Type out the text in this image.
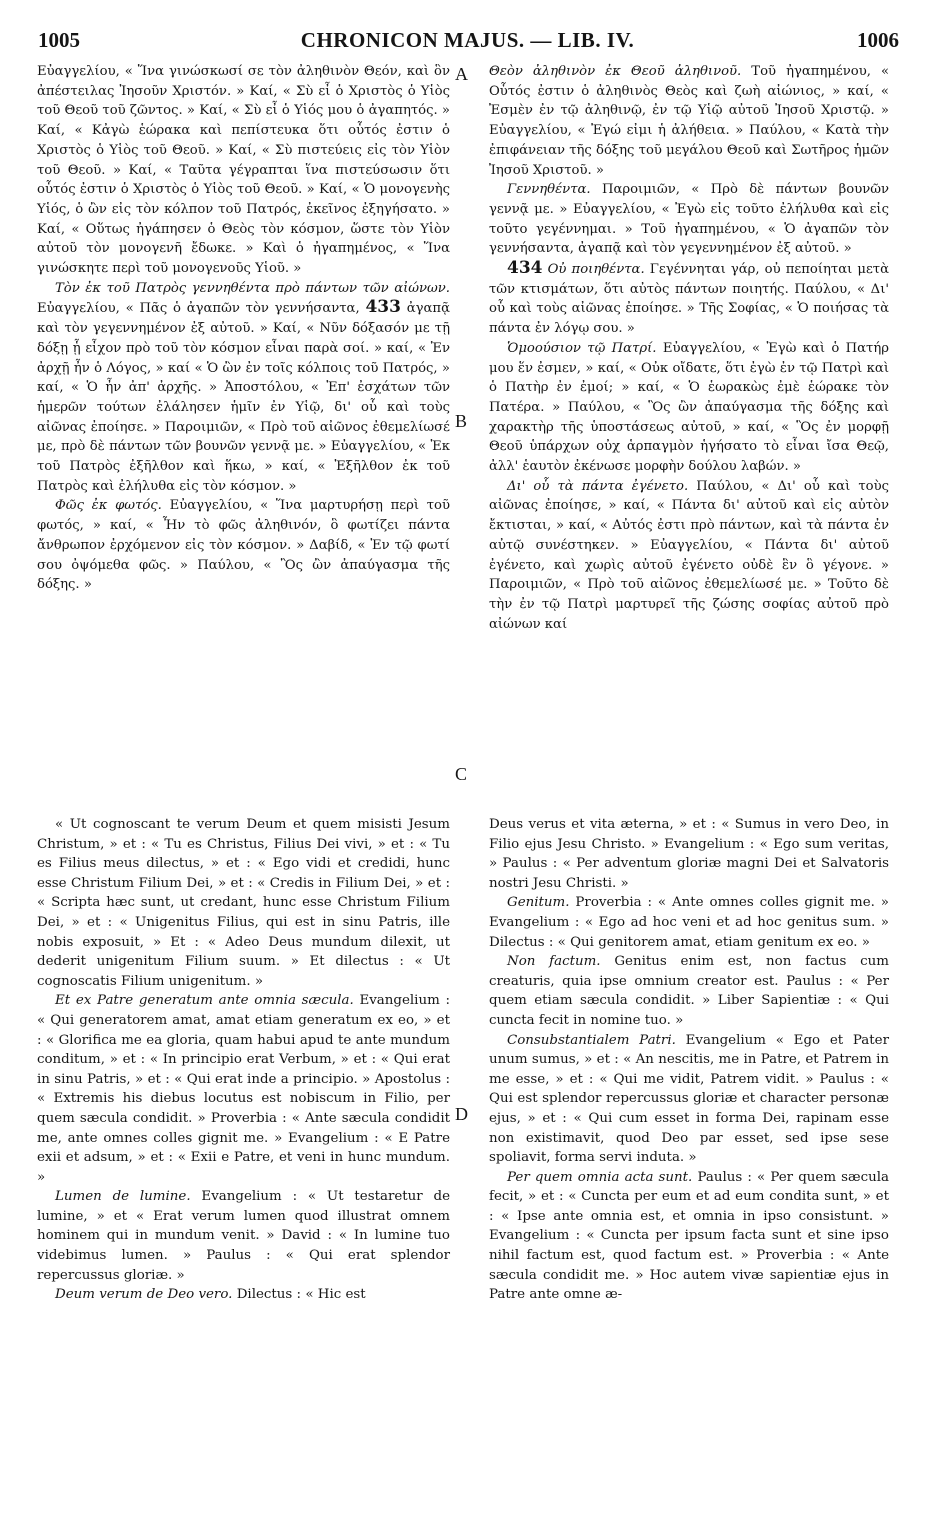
1005	CHRONICON MAJUS. — LIB. IV.	1006
A
B
C
D

Εὐαγγελίου, « Ἵνα γινώσκωσί σε τὸν ἀληθινὸν Θεόν, καὶ ὃν ἀπέστειλας Ἰησοῦν Χριστόν. » Καί, « Σὺ εἶ ὁ Χριστὸς ὁ Υἱὸς τοῦ Θεοῦ τοῦ ζῶντος. » Καί, « Σὺ εἶ ὁ Υἱός μου ὁ ἀγαπητός. » Καί, « Κἀγὼ ἑώρακα καὶ πεπίστευκα ὅτι οὗτός ἐστιν ὁ Χριστὸς ὁ Υἱὸς τοῦ Θεοῦ. » Καί, « Σὺ πιστεύεις εἰς τὸν Υἱὸν τοῦ Θεοῦ. » Καί, « Ταῦτα γέγραπται ἵνα πιστεύσωσιν ὅτι οὗτός ἐστιν ὁ Χριστὸς ὁ Υἱὸς τοῦ Θεοῦ. » Καί, « Ὁ μονογενὴς Υἱός, ὁ ὢν εἰς τὸν κόλπον τοῦ Πατρός, ἐκεῖνος ἐξηγήσατο. » Καί, « Οὕτως ἠγάπησεν ὁ Θεὸς τὸν κόσμον, ὥστε τὸν Υἱὸν αὐτοῦ τὸν μονογενῆ ἔδωκε. » Καὶ ὁ ἠγαπημένος, « Ἵνα γινώσκητε περὶ τοῦ μονογενοῦς Υἱοῦ. »

Τὸν ἐκ τοῦ Πατρὸς γεννηθέντα πρὸ πάντων τῶν αἰώνων. Εὐαγγελίου, « Πᾶς ὁ ἀγαπῶν τὸν γεννήσαντα, 433 ἀγαπᾷ καὶ τὸν γεγεννημένον ἐξ αὐτοῦ. » Καί, « Νῦν δόξασόν με τῇ δόξῃ ᾗ εἶχον πρὸ τοῦ τὸν κόσμον εἶναι παρὰ σοί. » καί, « Ἐν ἀρχῇ ἦν ὁ Λόγος, » καί « Ὁ ὢν ἐν τοῖς κόλποις τοῦ Πατρός, » καί, « Ὁ ἦν ἀπ' ἀρχῆς. » Ἀποστόλου, « Ἐπ' ἐσχάτων τῶν ἡμερῶν τούτων ἐλάλησεν ἡμῖν ἐν Υἱῷ, δι' οὗ καὶ τοὺς αἰῶνας ἐποίησε. » Παροιμιῶν, « Πρὸ τοῦ αἰῶνος ἐθεμελίωσέ με, πρὸ δὲ πάντων τῶν βουνῶν γεννᾷ με. » Εὐαγγελίου, « Ἐκ τοῦ Πατρὸς ἐξῆλθον καὶ ἥκω, » καί, « Ἐξῆλθον ἐκ τοῦ Πατρὸς καὶ ἐλήλυθα εἰς τὸν κόσμον. »

Φῶς ἐκ φωτός. Εὐαγγελίου, « Ἵνα μαρτυρήσῃ περὶ τοῦ φωτός, » καί, « Ἦν τὸ φῶς ἀληθινόν, ὃ φωτίζει πάντα ἄνθρωπον ἐρχόμενον εἰς τὸν κόσμον. » Δαβίδ, « Ἐν τῷ φωτί σου ὀψόμεθα φῶς. » Παύλου, « Ὃς ὢν ἀπαύγασμα τῆς δόξης. »

Θεὸν ἀληθινὸν ἐκ Θεοῦ ἀληθινοῦ. Τοῦ ἠγαπημένου, « Οὗτός ἐστιν ὁ ἀληθινὸς Θεὸς καὶ ζωὴ αἰώνιος, » καί, « Ἐσμὲν ἐν τῷ ἀληθινῷ, ἐν τῷ Υἱῷ αὐτοῦ Ἰησοῦ Χριστῷ. » Εὐαγγελίου, « Ἐγώ εἰμι ἡ ἀλήθεια. » Παύλου, « Κατὰ τὴν ἐπιφάνειαν τῆς δόξης τοῦ μεγάλου Θεοῦ καὶ Σωτῆρος ἡμῶν Ἰησοῦ Χριστοῦ. »

Γεννηθέντα. Παροιμιῶν, « Πρὸ δὲ πάντων βουνῶν γεννᾷ με. » Εὐαγγελίου, « Ἐγὼ εἰς τοῦτο ἐλήλυθα καὶ εἰς τοῦτο γεγέννημαι. » Τοῦ ἠγαπημένου, « Ὁ ἀγαπῶν τὸν γεννήσαντα, ἀγαπᾷ καὶ τὸν γεγεννημένον ἐξ αὐτοῦ. »

434 Οὐ ποιηθέντα. Γεγέννηται γάρ, οὐ πεποίηται μετὰ τῶν κτισμάτων, ὅτι αὐτὸς πάντων ποιητής. Παύλου, « Δι' οὗ καὶ τοὺς αἰῶνας ἐποίησε. » Τῆς Σοφίας, « Ὁ ποιήσας τὰ πάντα ἐν λόγῳ σου. »

Ὁμοούσιον τῷ Πατρί. Εὐαγγελίου, « Ἐγὼ καὶ ὁ Πατήρ μου ἕν ἐσμεν, » καί, « Οὐκ οἴδατε, ὅτι ἐγὼ ἐν τῷ Πατρὶ καὶ ὁ Πατὴρ ἐν ἐμοί; » καί, « Ὁ ἑωρακὼς ἐμὲ ἑώρακε τὸν Πατέρα. » Παύλου, « Ὃς ὢν ἀπαύγασμα τῆς δόξης καὶ χαρακτὴρ τῆς ὑποστάσεως αὐτοῦ, » καί, « Ὃς ἐν μορφῇ Θεοῦ ὑπάρχων οὐχ ἁρπαγμὸν ἡγήσατο τὸ εἶναι ἴσα Θεῷ, ἀλλ' ἑαυτὸν ἐκένωσε μορφὴν δούλου λαβών. »

Δι' οὗ τὰ πάντα ἐγένετο. Παύλου, « Δι' οὗ καὶ τοὺς αἰῶνας ἐποίησε, » καί, « Πάντα δι' αὐτοῦ καὶ εἰς αὐτὸν ἔκτισται, » καί, « Αὐτός ἐστι πρὸ πάντων, καὶ τὰ πάντα ἐν αὐτῷ συνέστηκεν. » Εὐαγγελίου, « Πάντα δι' αὐτοῦ ἐγένετο, καὶ χωρὶς αὐτοῦ ἐγένετο οὐδὲ ἓν ὃ γέγονε. » Παροιμιῶν, « Πρὸ τοῦ αἰῶνος ἐθεμελίωσέ με. » Τοῦτο δὲ τὴν ἐν τῷ Πατρὶ μαρτυρεῖ τῆς ζώσης σοφίας αὐτοῦ πρὸ αἰώνων καί

« Ut cognoscant te verum Deum et quem misisti Jesum Christum, » et : « Tu es Christus, Filius Dei vivi, » et : « Tu es Filius meus dilectus, » et : « Ego vidi et credidi, hunc esse Christum Filium Dei, » et : « Credis in Filium Dei, » et : « Scripta hæc sunt, ut credant, hunc esse Christum Filium Dei, » et : « Unigenitus Filius, qui est in sinu Patris, ille nobis exposuit, » Et : « Adeo Deus mundum dilexit, ut dederit unigenitum Filium suum. » Et dilectus : « Ut cognoscatis Filium unigenitum. »

Et ex Patre generatum ante omnia sæcula. Evangelium : « Qui generatorem amat, amat etiam generatum ex eo, » et : « Glorifica me ea gloria, quam habui apud te ante mundum conditum, » et : « In principio erat Verbum, » et : « Qui erat in sinu Patris, » et : « Qui erat inde a principio. » Apostolus : « Extremis his diebus locutus est nobiscum in Filio, per quem sæcula condidit. » Proverbia : « Ante sæcula condidit me, ante omnes colles gignit me. » Evangelium : « E Patre exii et adsum, » et : « Exii e Patre, et veni in hunc mundum. »

Lumen de lumine. Evangelium : « Ut testaretur de lumine, » et « Erat verum lumen quod illustrat omnem hominem qui in mundum venit. » David : « In lumine tuo videbimus lumen. » Paulus : « Qui erat splendor repercussus gloriæ. »

Deum verum de Deo vero. Dilectus : « Hic est

Deus verus et vita æterna, » et : « Sumus in vero Deo, in Filio ejus Jesu Christo. » Evangelium : « Ego sum veritas, » Paulus : « Per adventum gloriæ magni Dei et Salvatoris nostri Jesu Christi. »

Genitum. Proverbia : « Ante omnes colles gignit me. » Evangelium : « Ego ad hoc veni et ad hoc genitus sum. » Dilectus : « Qui genitorem amat, etiam genitum ex eo. »

Non factum. Genitus enim est, non factus cum creaturis, quia ipse omnium creator est. Paulus : « Per quem etiam sæcula condidit. » Liber Sapientiæ : « Qui cuncta fecit in nomine tuo. »

Consubstantialem Patri. Evangelium « Ego et Pater unum sumus, » et : « An nescitis, me in Patre, et Patrem in me esse, » et : « Qui me vidit, Patrem vidit. » Paulus : « Qui est splendor repercussus gloriæ et character personæ ejus, » et : « Qui cum esset in forma Dei, rapinam esse non existimavit, quod Deo par esset, sed ipse sese spoliavit, forma servi induta. »

Per quem omnia acta sunt. Paulus : « Per quem sæcula fecit, » et : « Cuncta per eum et ad eum condita sunt, » et : « Ipse ante omnia est, et omnia in ipso consistunt. » Evangelium : « Cuncta per ipsum facta sunt et sine ipso nihil factum est, quod factum est. » Proverbia : « Ante sæcula condidit me. » Hoc autem vivæ sapientiæ ejus in Patre ante omne æ-
